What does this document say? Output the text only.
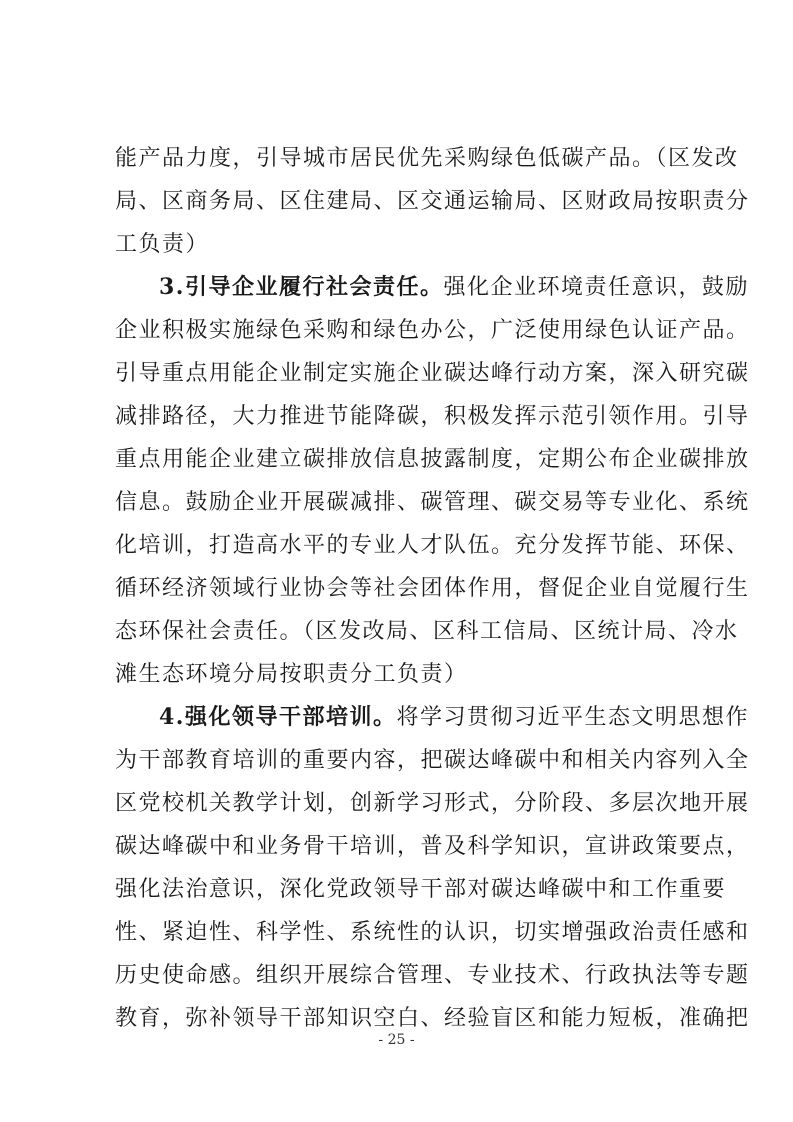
能产品力度，引导城市居民优先采购绿色低碳产品。（区发改
局、区商务局、区住建局、区交通运输局、区财政局按职责分
工负责）
3.引导企业履行社会责任。强化企业环境责任意识，鼓励
企业积极实施绿色采购和绿色办公，广泛使用绿色认证产品。
引导重点用能企业制定实施企业碳达峰行动方案，深入研究碳
减排路径，大力推进节能降碳，积极发挥示范引领作用。引导
重点用能企业建立碳排放信息披露制度，定期公布企业碳排放
信息。鼓励企业开展碳减排、碳管理、碳交易等专业化、系统
化培训，打造高水平的专业人才队伍。充分发挥节能、环保、
循环经济领域行业协会等社会团体作用，督促企业自觉履行生
态环保社会责任。（区发改局、区科工信局、区统计局、冷水
滩生态环境分局按职责分工负责）
4.强化领导干部培训。将学习贯彻习近平生态文明思想作
为干部教育培训的重要内容，把碳达峰碳中和相关内容列入全
区党校机关教学计划，创新学习形式，分阶段、多层次地开展
碳达峰碳中和业务骨干培训，普及科学知识，宣讲政策要点，
强化法治意识，深化党政领导干部对碳达峰碳中和工作重要
性、紧迫性、科学性、系统性的认识，切实增强政治责任感和
历史使命感。组织开展综合管理、专业技术、行政执法等专题
教育，弥补领导干部知识空白、经验盲区和能力短板，准确把
- 25 -
